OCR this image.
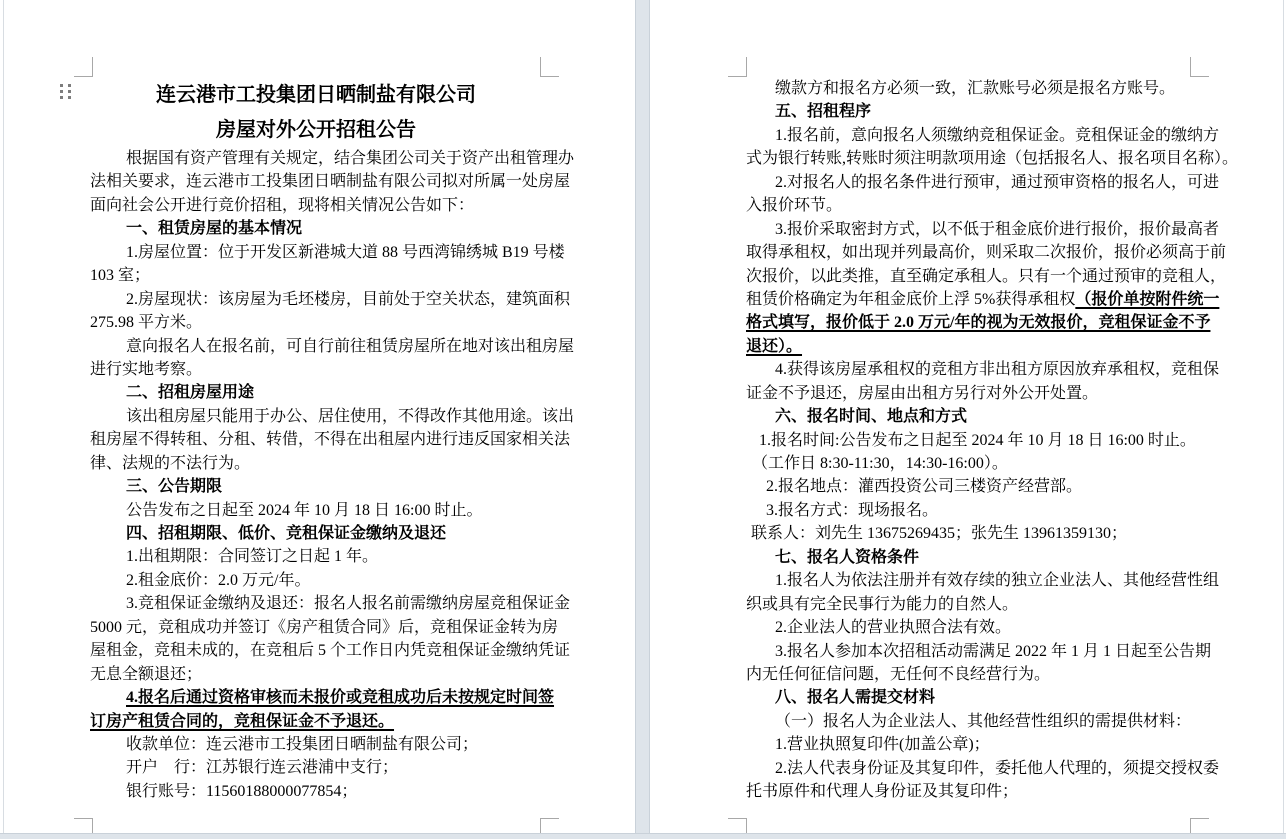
连云港市工投集团日晒制盐有限公司
房屋对外公开招租公告
根据国有资产管理有关规定，结合集团公司关于资产出租管理办
法相关要求，连云港市工投集团日晒制盐有限公司拟对所属一处房屋
面向社会公开进行竞价招租，现将相关情况公告如下：
一、租赁房屋的基本情况
1.房屋位置：位于开发区新港城大道 88 号西湾锦绣城 B19 号楼
103 室；
2.房屋现状：该房屋为毛坯楼房，目前处于空关状态，建筑面积
275.98 平方米。
意向报名人在报名前，可自行前往租赁房屋所在地对该出租房屋
进行实地考察。
二、招租房屋用途
该出租房屋只能用于办公、居住使用，不得改作其他用途。该出
租房屋不得转租、分租、转借，不得在出租屋内进行违反国家相关法
律、法规的不法行为。
三、公告期限
公告发布之日起至 2024 年 10 月 18 日 16:00 时止。
四、招租期限、低价、竞租保证金缴纳及退还
1.出租期限：合同签订之日起 1 年。
2.租金底价：2.0 万元/年。
3.竞租保证金缴纳及退还：报名人报名前需缴纳房屋竞租保证金
5000 元，竞租成功并签订《房产租赁合同》后，竞租保证金转为房
屋租金，竞租未成的，在竞租后 5 个工作日内凭竞租保证金缴纳凭证
无息全额退还；
4.报名后通过资格审核而未报价或竞租成功后未按规定时间签
订房产租赁合同的，竞租保证金不予退还。
收款单位：连云港市工投集团日晒制盐有限公司；
开户　行：江苏银行连云港浦中支行；
银行账号：11560188000077854；
缴款方和报名方必须一致，汇款账号必须是报名方账号。
五、招租程序
1.报名前，意向报名人须缴纳竞租保证金。竞租保证金的缴纳方
式为银行转账,转账时须注明款项用途（包括报名人、报名项目名称）。
2.对报名人的报名条件进行预审，通过预审资格的报名人，可进
入报价环节。
3.报价采取密封方式，以不低于租金底价进行报价，报价最高者
取得承租权，如出现并列最高价，则采取二次报价，报价必须高于前
次报价，以此类推，直至确定承租人。只有一个通过预审的竞租人，
租赁价格确定为年租金底价上浮 5%获得承租权（报价单按附件统一
格式填写，报价低于 2.0 万元/年的视为无效报价，竞租保证金不予
退还）。
4.获得该房屋承租权的竞租方非出租方原因放弃承租权，竞租保
证金不予退还，房屋由出租方另行对外公开处置。
六、报名时间、地点和方式
1.报名时间:公告发布之日起至 2024 年 10 月 18 日 16:00 时止。
（工作日 8:30-11:30，14:30-16:00）。
2.报名地点：灌西投资公司三楼资产经营部。
3.报名方式：现场报名。
联系人：刘先生 13675269435；张先生 13961359130；
七、报名人资格条件
1.报名人为依法注册并有效存续的独立企业法人、其他经营性组
织或具有完全民事行为能力的自然人。
2.企业法人的营业执照合法有效。
3.报名人参加本次招租活动需满足 2022 年 1 月 1 日起至公告期
内无任何征信问题，无任何不良经营行为。
八、报名人需提交材料
（一）报名人为企业法人、其他经营性组织的需提供材料：
1.营业执照复印件(加盖公章)；
2.法人代表身份证及其复印件，委托他人代理的，须提交授权委
托书原件和代理人身份证及其复印件；
